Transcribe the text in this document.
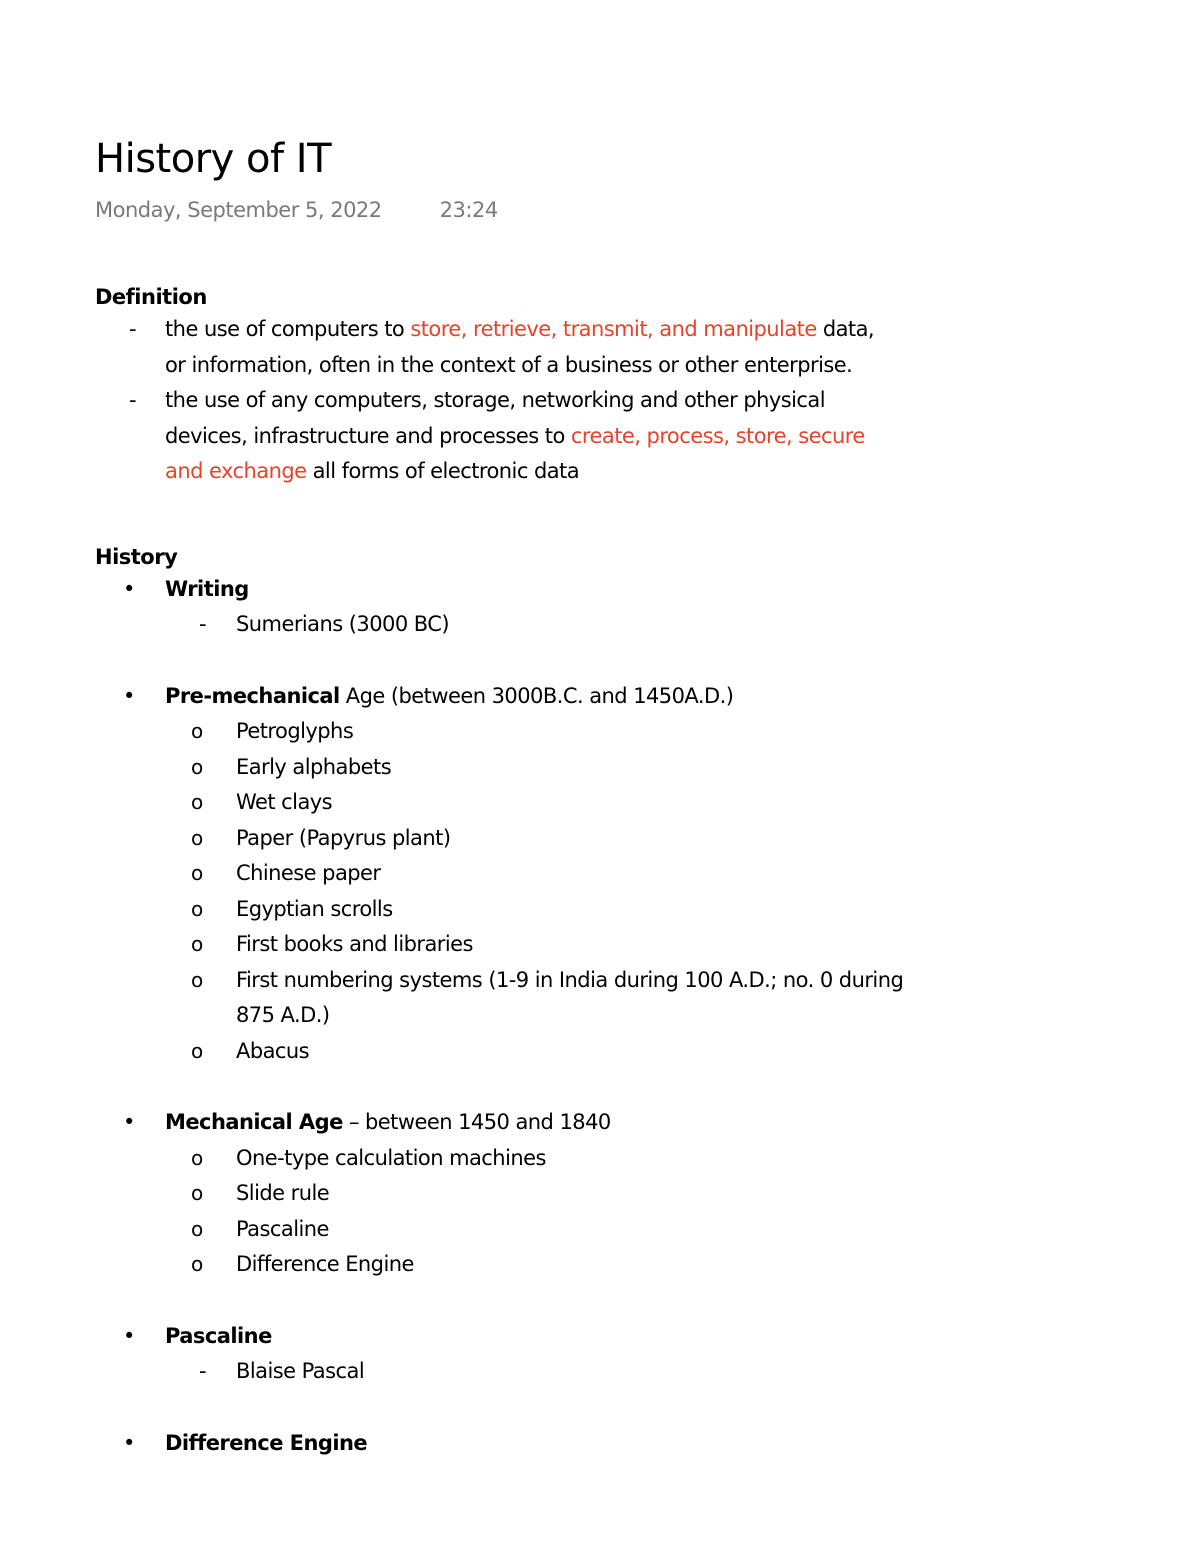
History of IT
Monday, September 5, 2022	23:24
Definition
- the use of computers to store, retrieve, transmit, and manipulate data,
or information, often in the context of a business or other enterprise.
- the use of any computers, storage, networking and other physical
devices, infrastructure and processes to create, process, store, secure
and exchange all forms of electronic data
History
• Writing
- Sumerians (3000 BC)
• Pre-mechanical Age (between 3000B.C. and 1450A.D.)
o Petroglyphs
o Early alphabets
o Wet clays
o Paper (Papyrus plant)
o Chinese paper
o Egyptian scrolls
o First books and libraries
o First numbering systems (1-9 in India during 100 A.D.; no. 0 during
875 A.D.)
o Abacus
• Mechanical Age – between 1450 and 1840
o One-type calculation machines
o Slide rule
o Pascaline
o Difference Engine
• Pascaline
- Blaise Pascal
• Difference Engine
